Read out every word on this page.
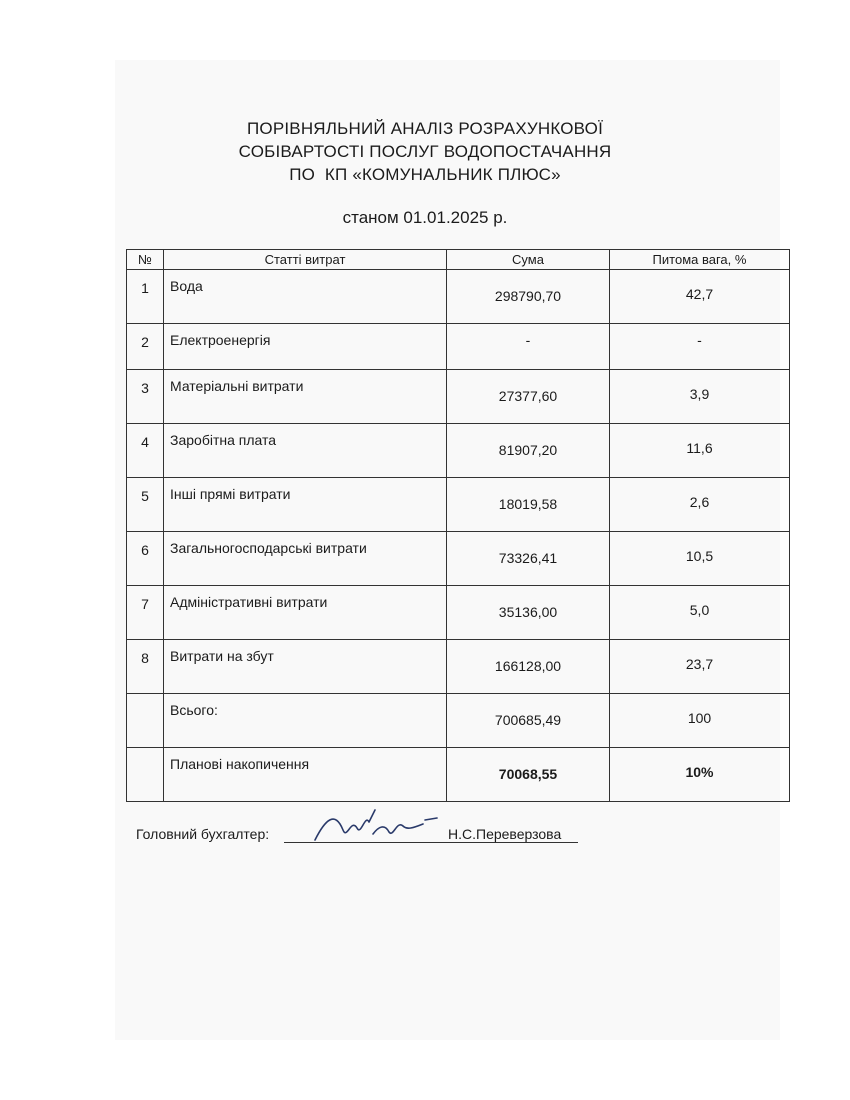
ПОРІВНЯЛЬНИЙ АНАЛІЗ РОЗРАХУНКОВОЇ
СОБІВАРТОСТІ ПОСЛУГ ВОДОПОСТАЧАННЯ
ПО  КП «КОМУНАЛЬНИК ПЛЮС»
станом 01.01.2025 р.
№	Статті витрат	Сума	Питома вага, %
1	Вода	298790,70	42,7
2	Електроенергія	-	-
3	Матеріальні витрати	27377,60	3,9
4	Заробітна плата	81907,20	11,6
5	Інші прямі витрати	18019,58	2,6
6	Загальногосподарські витрати	73326,41	10,5
7	Адміністративні витрати	35136,00	5,0
8	Витрати на збут	166128,00	23,7
	Всього:	700685,49	100
	Планові накопичення	70068,55	10%
Головний бухгалтер:	Н.С.Переверзова
